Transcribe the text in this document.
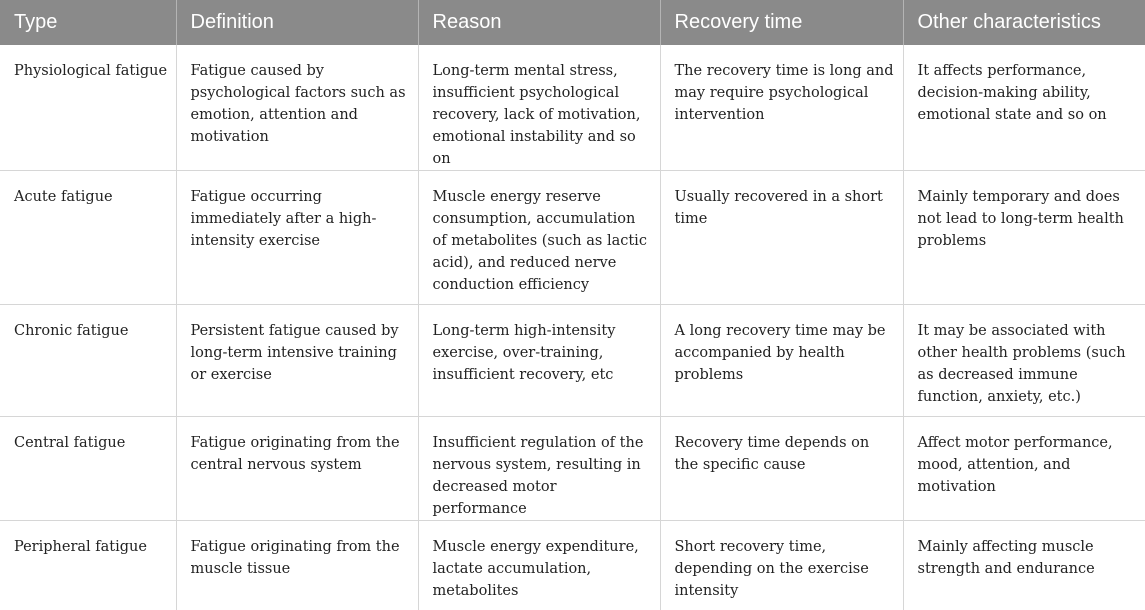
Type	Definition	Reason	Recovery time	Other characteristics
Physiological fatigue	Fatigue caused by psychological factors such as emotion, attention and motivation	Long-term mental stress, insufficient psychological recovery, lack of motivation, emotional instability and so on	The recovery time is long and may require psychological intervention	It affects performance, decision-making ability, emotional state and so on
Acute fatigue	Fatigue occurring immediately after a high-intensity exercise	Muscle energy reserve consumption, accumulation of metabolites (such as lactic acid), and reduced nerve conduction efficiency	Usually recovered in a short time	Mainly temporary and does not lead to long-term health problems
Chronic fatigue	Persistent fatigue caused by long-term intensive training or exercise	Long-term high-intensity exercise, over-training, insufficient recovery, etc	A long recovery time may be accompanied by health problems	It may be associated with other health problems (such as decreased immune function, anxiety, etc.)
Central fatigue	Fatigue originating from the central nervous system	Insufficient regulation of the nervous system, resulting in decreased motor performance	Recovery time depends on the specific cause	Affect motor performance, mood, attention, and motivation
Peripheral fatigue	Fatigue originating from the muscle tissue	Muscle energy expenditure, lactate accumulation, metabolites	Short recovery time, depending on the exercise intensity	Mainly affecting muscle strength and endurance
